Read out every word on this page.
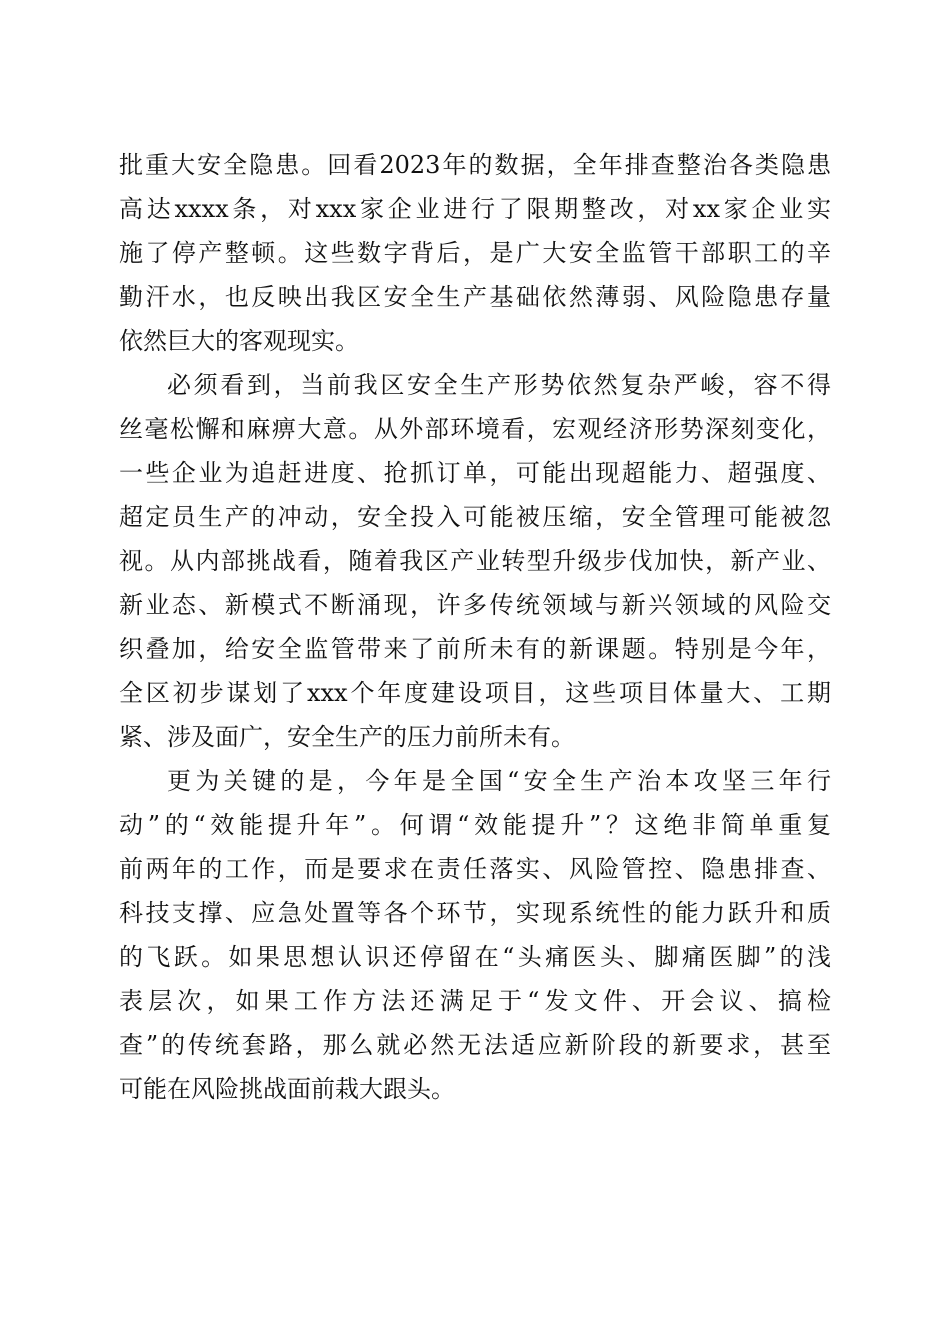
批重大安全隐患。回看2023年的数据，全年排查整治各类隐患
高达xxxx条，对xxx家企业进行了限期整改，对xx家企业实
施了停产整顿。这些数字背后，是广大安全监管干部职工的辛
勤汗水，也反映出我区安全生产基础依然薄弱、风险隐患存量
依然巨大的客观现实。
必须看到，当前我区安全生产形势依然复杂严峻，容不得
丝毫松懈和麻痹大意。从外部环境看，宏观经济形势深刻变化，
一些企业为追赶进度、抢抓订单，可能出现超能力、超强度、
超定员生产的冲动，安全投入可能被压缩，安全管理可能被忽
视。从内部挑战看，随着我区产业转型升级步伐加快，新产业、
新业态、新模式不断涌现，许多传统领域与新兴领域的风险交
织叠加，给安全监管带来了前所未有的新课题。特别是今年，
全区初步谋划了xxx个年度建设项目，这些项目体量大、工期
紧、涉及面广，安全生产的压力前所未有。
更为关键的是，今年是全国“安全生产治本攻坚三年行
动”的“效能提升年”。何谓“效能提升”？这绝非简单重复
前两年的工作，而是要求在责任落实、风险管控、隐患排查、
科技支撑、应急处置等各个环节，实现系统性的能力跃升和质
的飞跃。如果思想认识还停留在“头痛医头、脚痛医脚”的浅
表层次，如果工作方法还满足于“发文件、开会议、搞检
查”的传统套路，那么就必然无法适应新阶段的新要求，甚至
可能在风险挑战面前栽大跟头。
